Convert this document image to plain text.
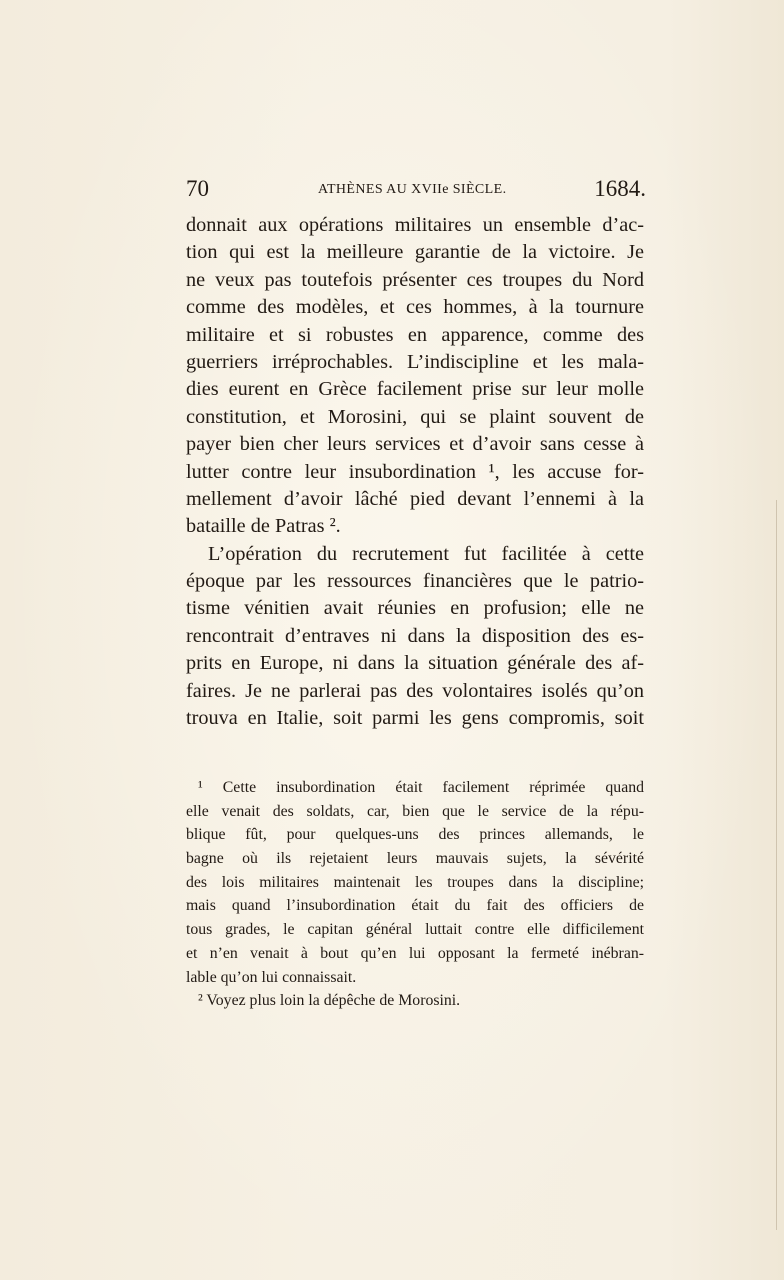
70	ATHÈNES AU XVIIe SIÈCLE.	1684.
donnait aux opérations militaires un ensemble d’ac-
tion qui est la meilleure garantie de la victoire. Je
ne veux pas toutefois présenter ces troupes du Nord
comme des modèles, et ces hommes, à la tournure
militaire et si robustes en apparence, comme des
guerriers irréprochables. L’indiscipline et les mala-
dies eurent en Grèce facilement prise sur leur molle
constitution, et Morosini, qui se plaint souvent de
payer bien cher leurs services et d’avoir sans cesse à
lutter contre leur insubordination ¹, les accuse for-
mellement d’avoir lâché pied devant l’ennemi à la
bataille de Patras ².
L’opération du recrutement fut facilitée à cette
époque par les ressources financières que le patrio-
tisme vénitien avait réunies en profusion; elle ne
rencontrait d’entraves ni dans la disposition des es-
prits en Europe, ni dans la situation générale des af-
faires. Je ne parlerai pas des volontaires isolés qu’on
trouva en Italie, soit parmi les gens compromis, soit
¹ Cette insubordination était facilement réprimée quand
elle venait des soldats, car, bien que le service de la répu-
blique fût, pour quelques-uns des princes allemands, le
bagne où ils rejetaient leurs mauvais sujets, la sévérité
des lois militaires maintenait les troupes dans la discipline;
mais quand l’insubordination était du fait des officiers de
tous grades, le capitan général luttait contre elle difficilement
et n’en venait à bout qu’en lui opposant la fermeté inébran-
lable qu’on lui connaissait.
² Voyez plus loin la dépêche de Morosini.
